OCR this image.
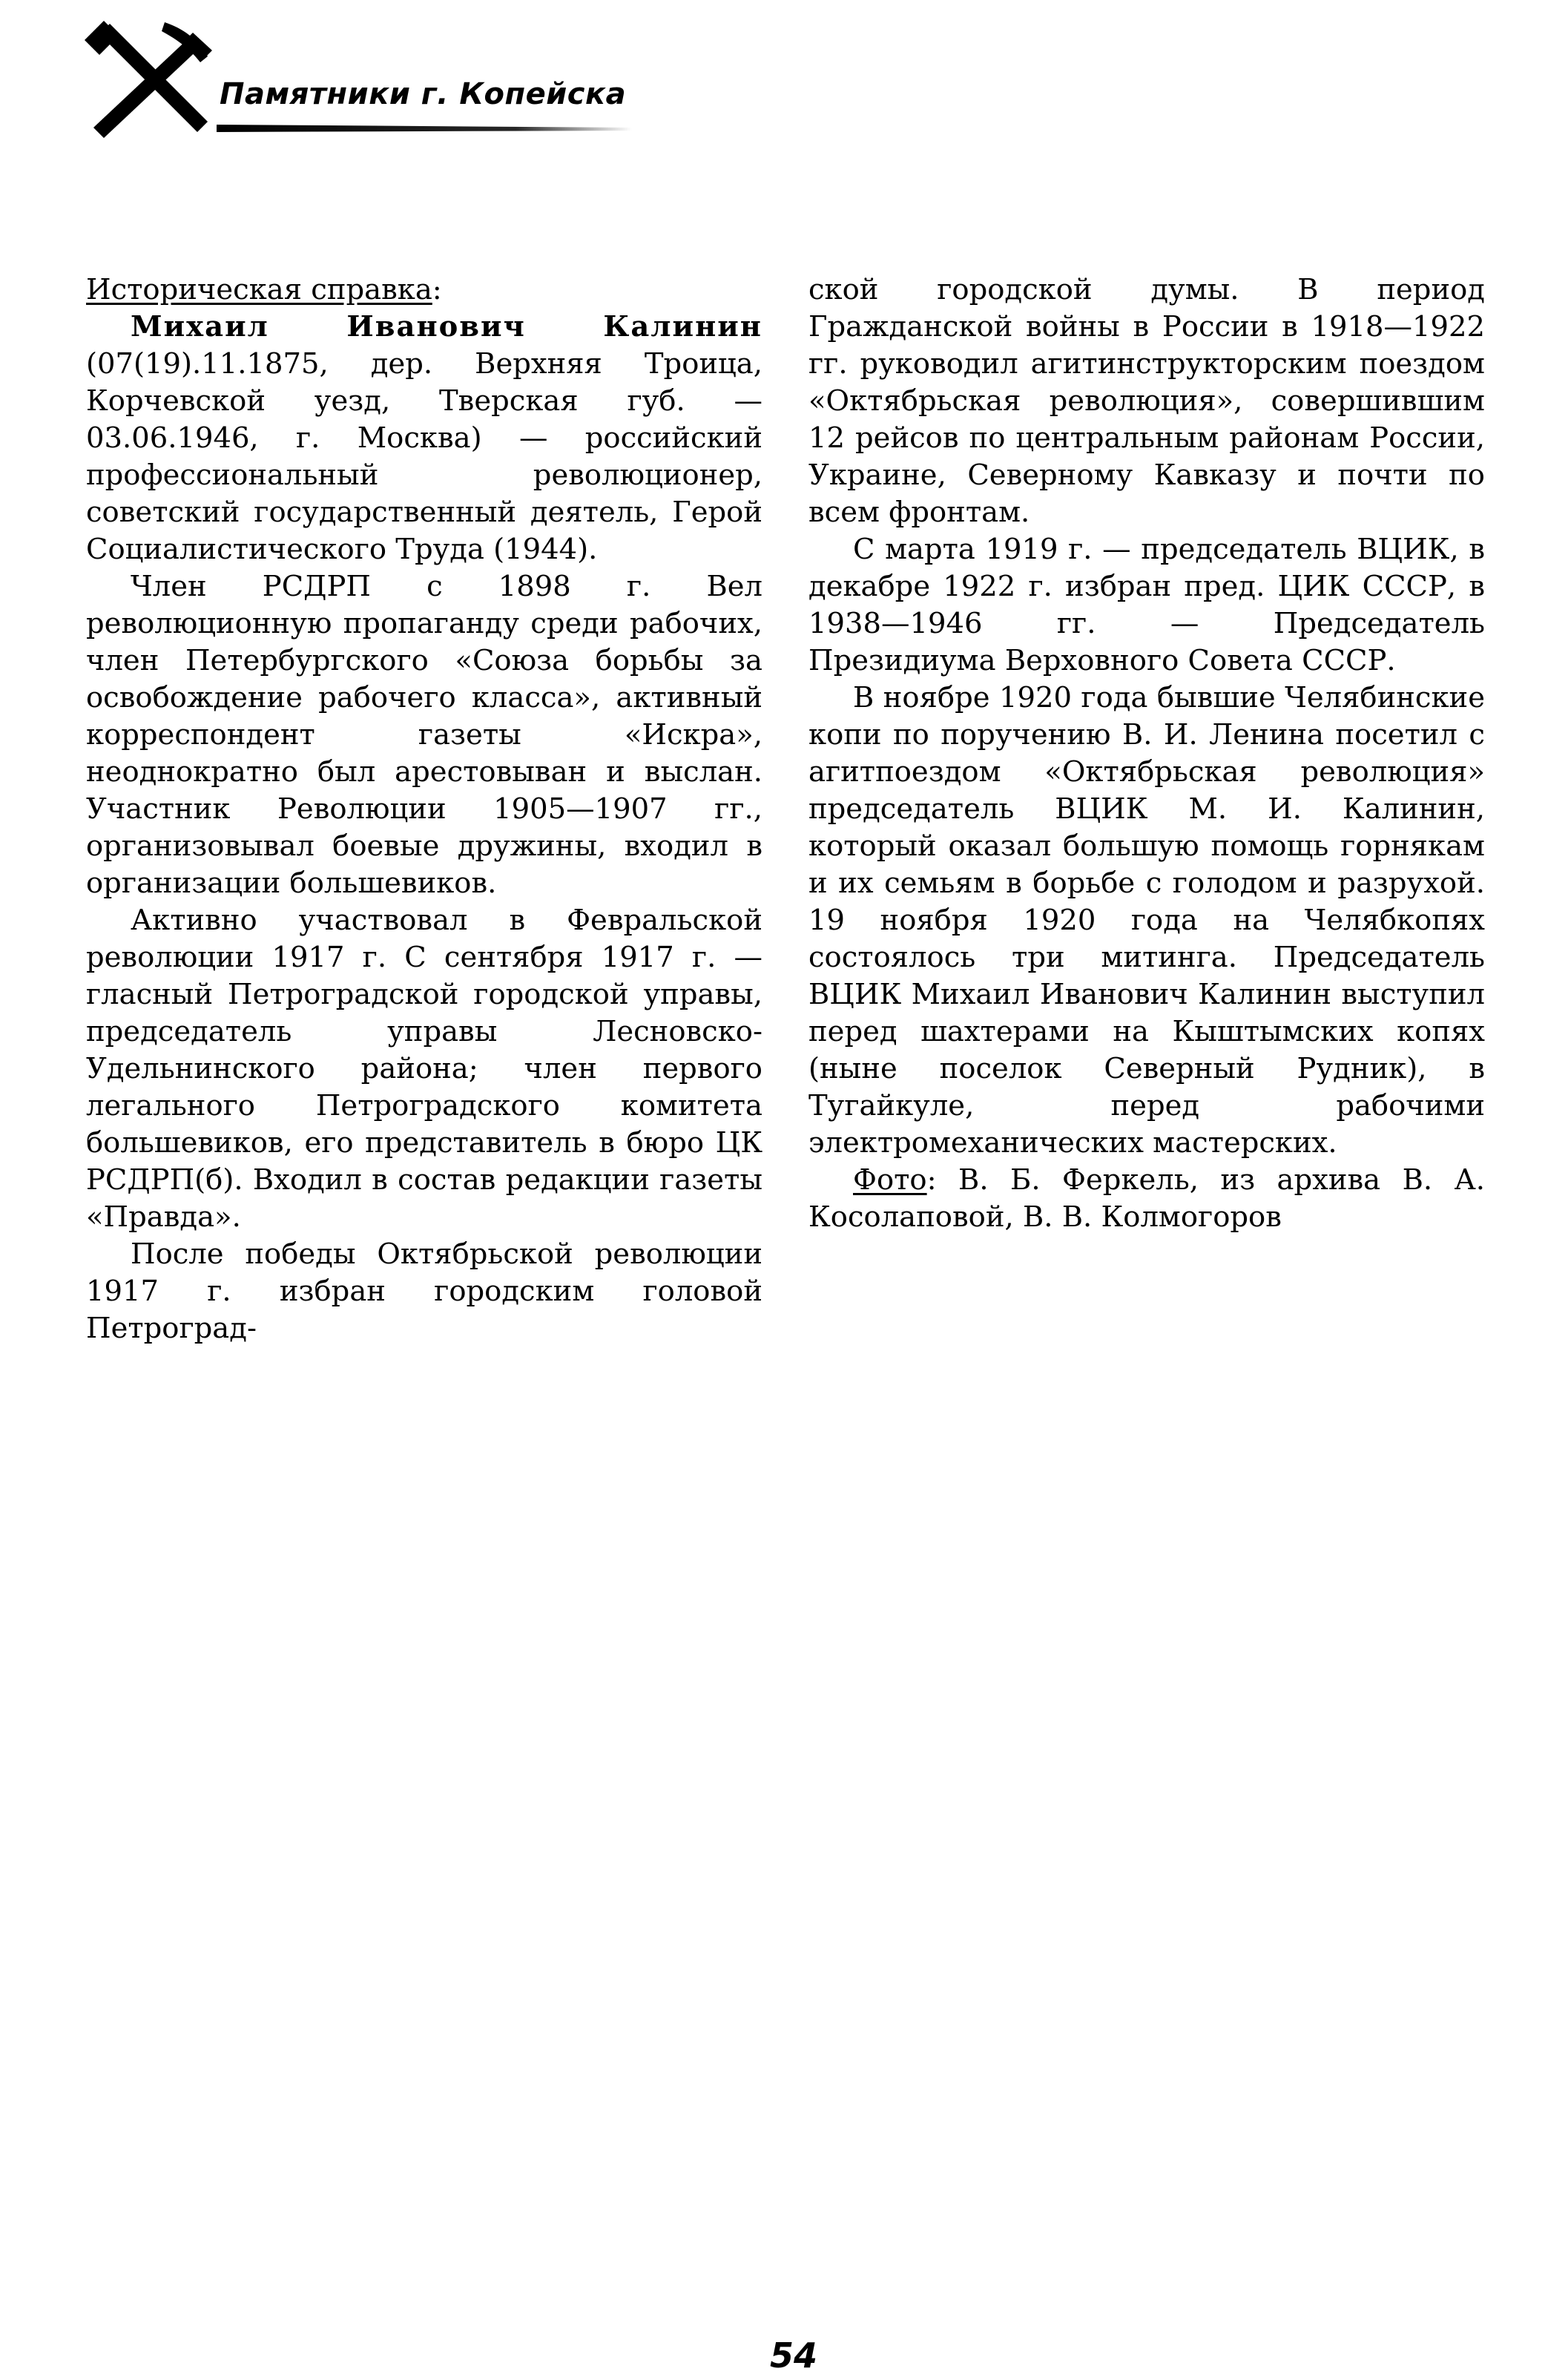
Памятники г. Копейска

Историческая справка:

Михаил Иванович Калинин (07(19).11.1875, дер. Верхняя Троица, Корчевской уезд, Тверская губ. — 03.06.1946, г. Москва) — российский профессиональный революционер, советский государственный деятель, Герой Социалистического Труда (1944).

Член РСДРП с 1898 г. Вел революционную пропаганду среди рабочих, член Петербургского «Союза борьбы за освобождение рабочего класса», активный корреспондент газеты «Искра», неоднократно был арестовыван и выслан. Участник Революции 1905—1907 гг., организовывал боевые дружины, входил в организации большевиков.

Активно участвовал в Февральской революции 1917 г. С сентября 1917 г. — гласный Петроградской городской управы, председатель управы Лесновско-Удельнинского района; член первого легального Петроградского комитета большевиков, его представитель в бюро ЦК РСДРП(б). Входил в состав редакции газеты «Правда».

После победы Октябрьской революции 1917 г. избран городским головой Петроград-

ской городской думы. В период Гражданской войны в России в 1918—1922 гг. руководил агитинструкторским поездом «Октябрьская революция», совершившим 12 рейсов по центральным районам России, Украине, Северному Кавказу и почти по всем фронтам.

С марта 1919 г. — председатель ВЦИК, в декабре 1922 г. избран пред. ЦИК СССР, в 1938—1946 гг. — Председатель Президиума Верховного Совета СССР.

В ноябре 1920 года бывшие Челябинские копи по поручению В. И. Ленина посетил с агитпоездом «Октябрьская революция» председатель ВЦИК М. И. Калинин, который оказал большую помощь горнякам и их семьям в борьбе с голодом и разрухой. 19 ноября 1920 года на Челябкопях состоялось три митинга. Председатель ВЦИК Михаил Иванович Калинин выступил перед шахтерами на Кыштымских копях (ныне поселок Северный Рудник), в Тугайкуле, перед рабочими электромеханических мастерских.

Фото: В. Б. Феркель, из архива В. А. Косолаповой, В. В. Колмогоров

54
